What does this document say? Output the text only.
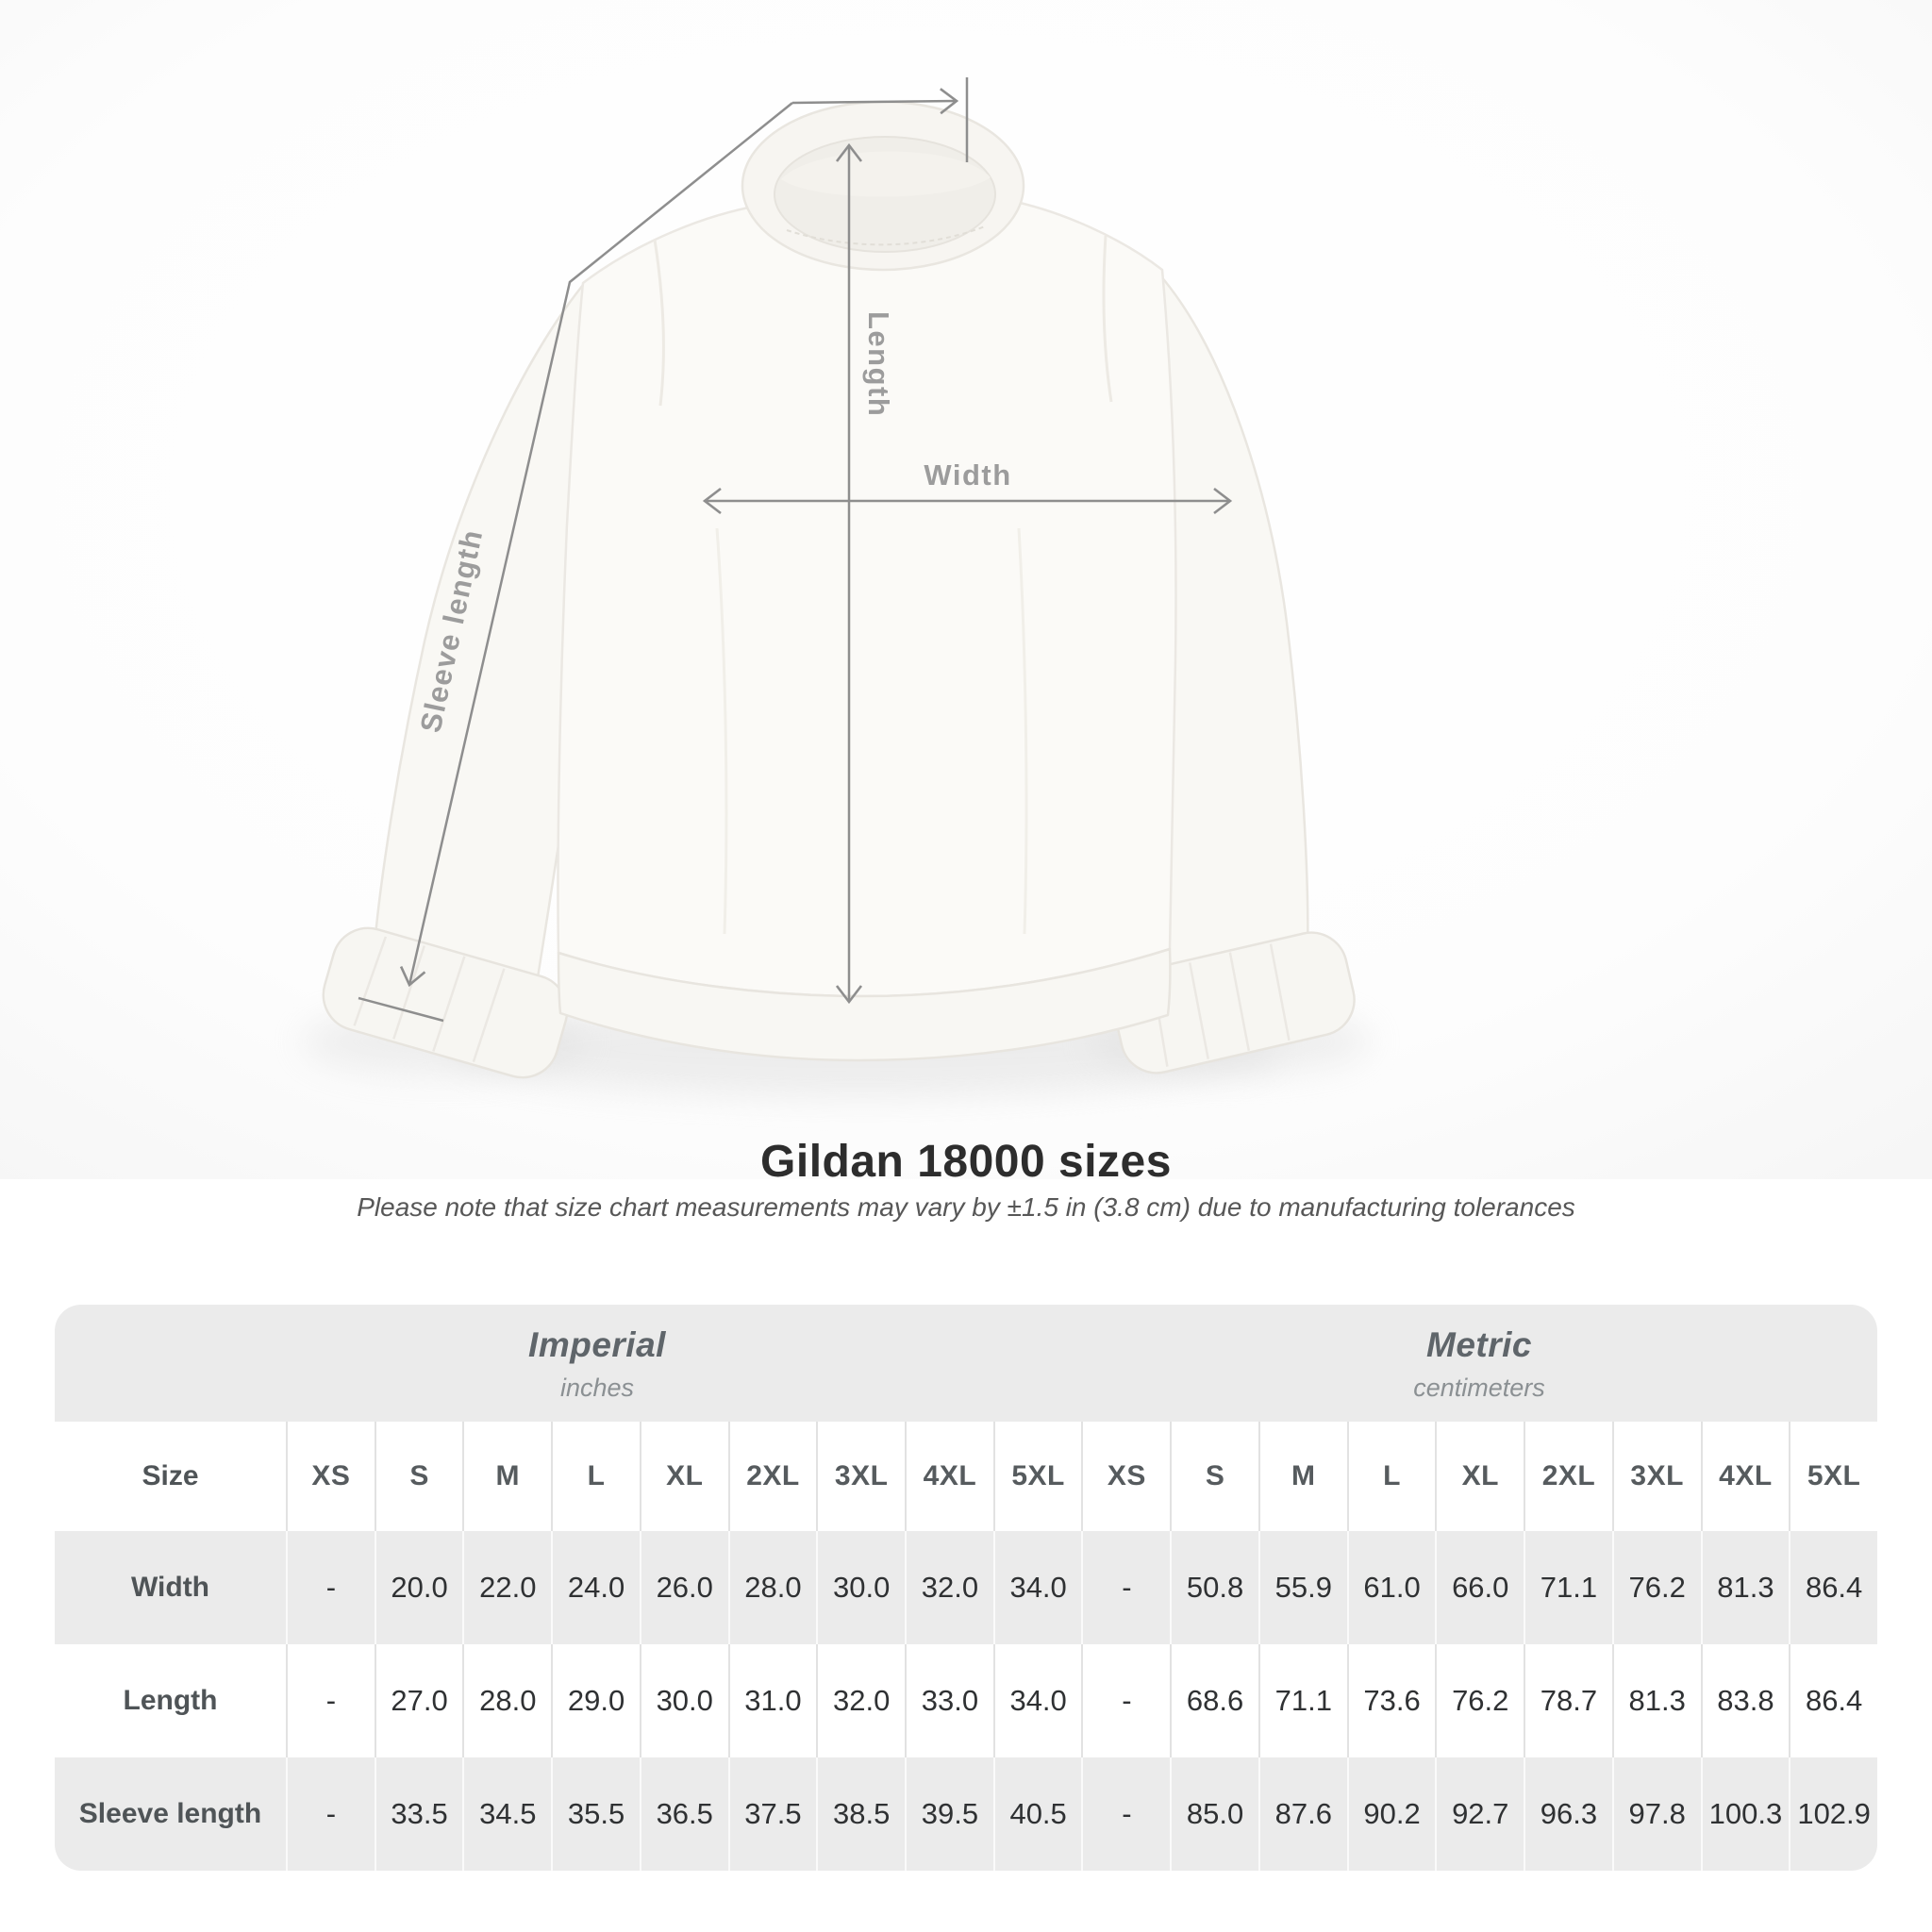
Width
Length
Sleeve length
Gildan 18000 sizes
Please note that size chart measurements may vary by ±1.5 in (3.8 cm) due to manufacturing tolerances
Imperial
inches
Metric
centimeters
Size	XS	S	M	L	XL	2XL	3XL	4XL	5XL	XS	S	M	L	XL	2XL	3XL	4XL	5XL
Width	-	20.0	22.0	24.0	26.0	28.0	30.0	32.0	34.0	-	50.8	55.9	61.0	66.0	71.1	76.2	81.3	86.4
Length	-	27.0	28.0	29.0	30.0	31.0	32.0	33.0	34.0	-	68.6	71.1	73.6	76.2	78.7	81.3	83.8	86.4
Sleeve length	-	33.5	34.5	35.5	36.5	37.5	38.5	39.5	40.5	-	85.0	87.6	90.2	92.7	96.3	97.8 100.3 102.9
